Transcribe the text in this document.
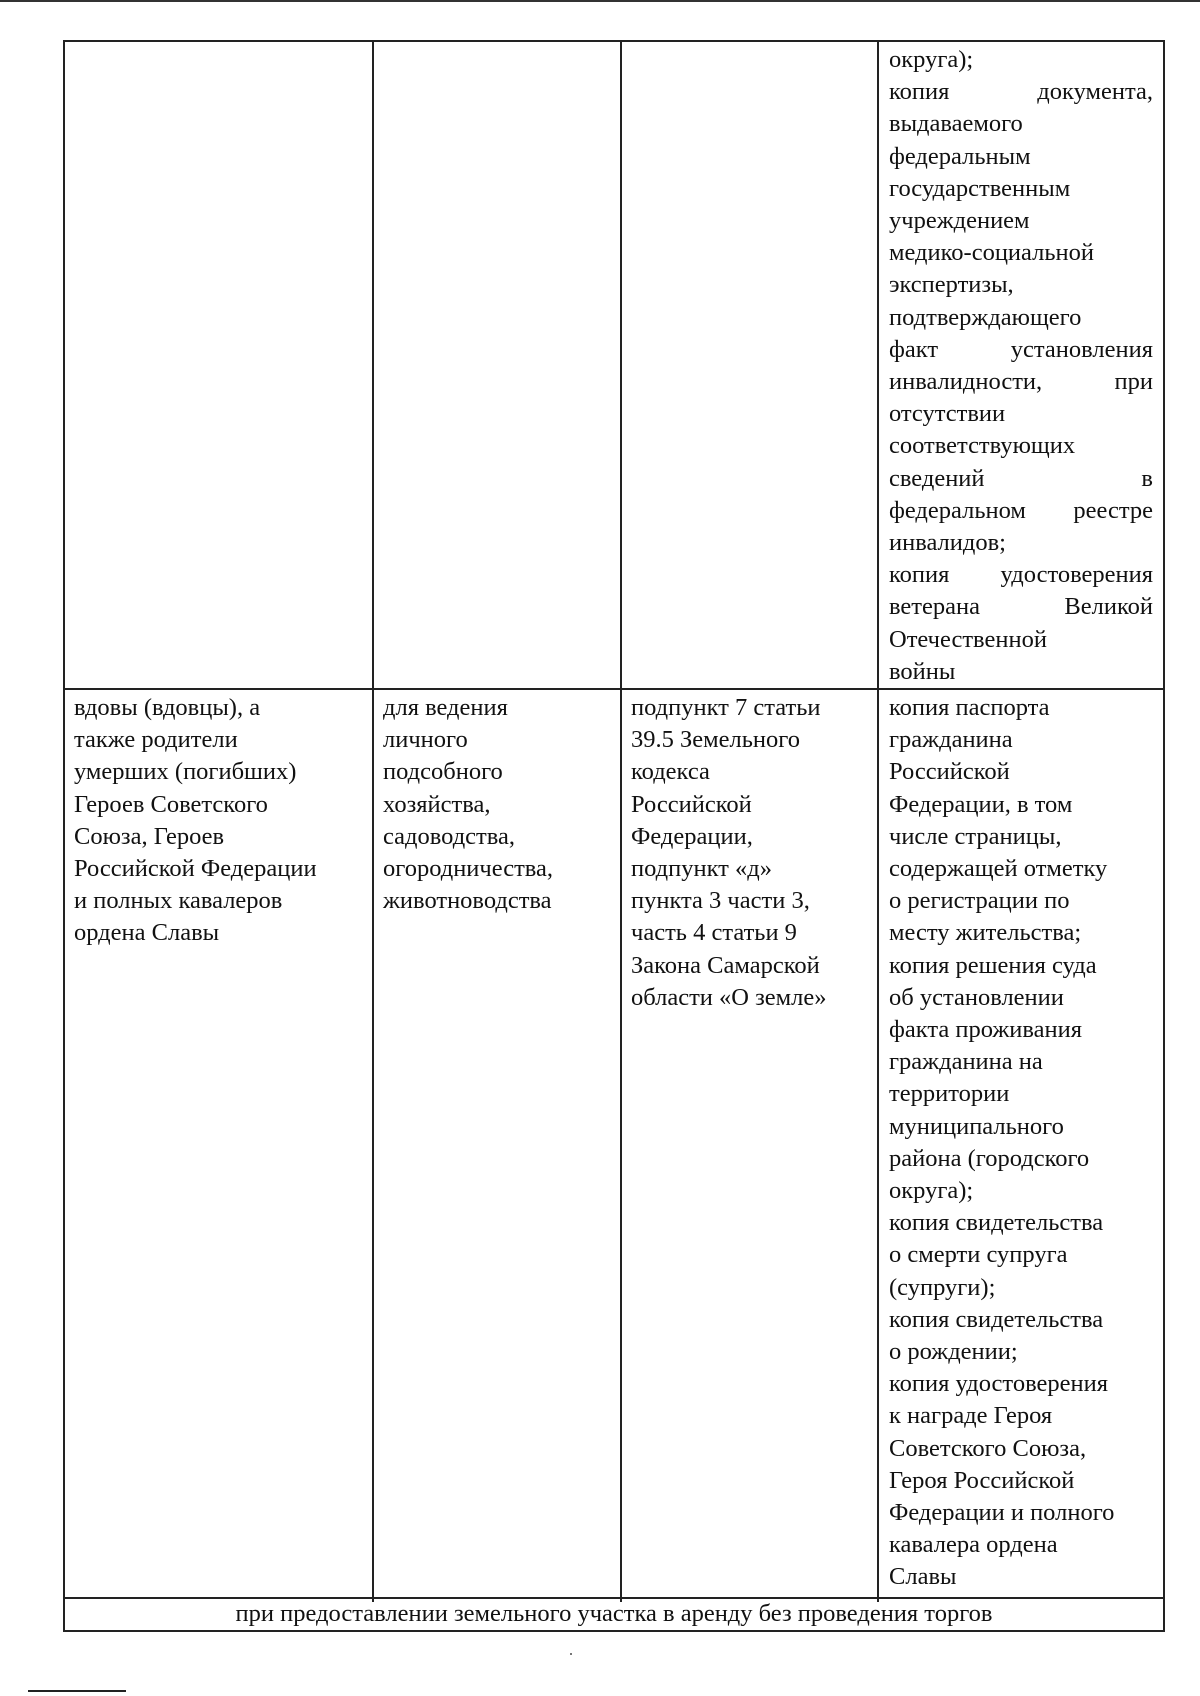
округа);
копия документа,
выдаваемого
федеральным
государственным
учреждением
медико-социальной
экспертизы,
подтверждающего
факт установления
инвалидности, при
отсутствии
соответствующих
сведений в
федеральном реестре
инвалидов;
копия удостоверения
ветерана Великой
Отечественной
войны
вдовы (вдовцы), а
также родители
умерших (погибших)
Героев Советского
Союза, Героев
Российской Федерации
и полных кавалеров
ордена Славы
для ведения
личного
подсобного
хозяйства,
садоводства,
огородничества,
животноводства
подпункт 7 статьи
39.5 Земельного
кодекса
Российской
Федерации,
подпункт «д»
пункта 3 части 3,
часть 4 статьи 9
Закона Самарской
области «О земле»
копия паспорта
гражданина
Российской
Федерации, в том
числе страницы,
содержащей отметку
о регистрации по
месту жительства;
копия решения суда
об установлении
факта проживания
гражданина на
территории
муниципального
района (городского
округа);
копия свидетельства
о смерти супруга
(супруги);
копия свидетельства
о рождении;
копия удостоверения
к награде Героя
Советского Союза,
Героя Российской
Федерации и полного
кавалера ордена
Славы
при предоставлении земельного участка в аренду без проведения торгов
